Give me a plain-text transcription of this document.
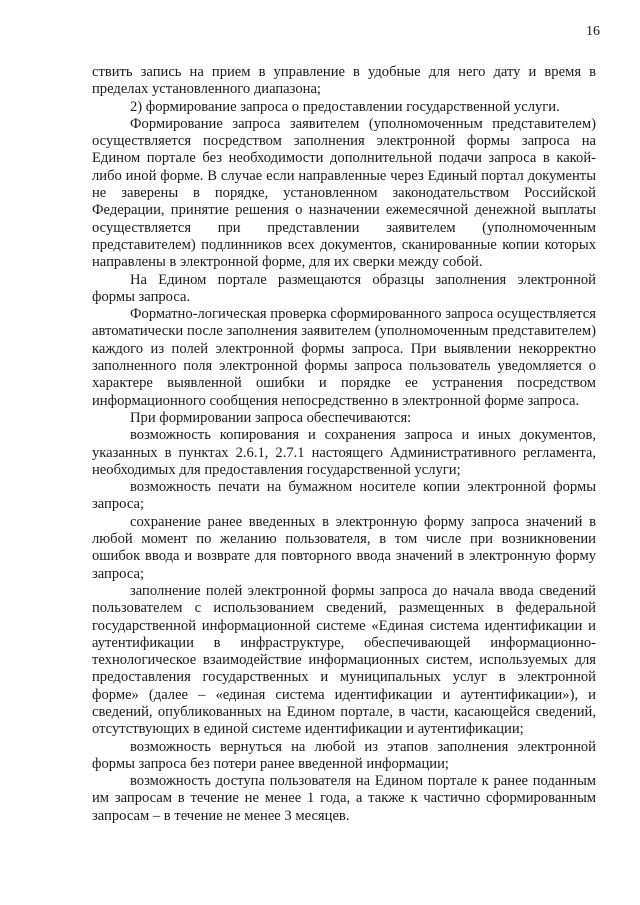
16

ствить запись на прием в управление в удобные для него дату и время в пределах установленного диапазона;

2) формирование запроса о предоставлении государственной услуги.

Формирование запроса заявителем (уполномоченным представителем) осуществляется посредством заполнения электронной формы запроса на Едином портале без необходимости дополнительной подачи запроса в какой-либо иной форме. В случае если направленные через Единый портал документы не заверены в порядке, установленном законодательством Российской Федерации, принятие решения о назначении ежемесячной денежной выплаты осуществляется при представлении заявителем (уполномоченным представителем) подлинников всех документов, сканированные копии которых направлены в электронной форме, для их сверки между собой.

На Едином портале размещаются образцы заполнения электронной формы запроса.

Форматно-логическая проверка сформированного запроса осуществляется автоматически после заполнения заявителем (уполномоченным представителем) каждого из полей электронной формы запроса. При выявлении некорректно заполненного поля электронной формы запроса пользователь уведомляется о характере выявленной ошибки и порядке ее устранения посредством информационного сообщения непосредственно в электронной форме запроса.

При формировании запроса обеспечиваются:

возможность копирования и сохранения запроса и иных документов, указанных в пунктах 2.6.1, 2.7.1 настоящего Административного регламента, необходимых для предоставления государственной услуги;

возможность печати на бумажном носителе копии электронной формы запроса;

сохранение ранее введенных в электронную форму запроса значений в любой момент по желанию пользователя, в том числе при возникновении ошибок ввода и возврате для повторного ввода значений в электронную форму запроса;

заполнение полей электронной формы запроса до начала ввода сведений пользователем с использованием сведений, размещенных в федеральной государственной информационной системе «Единая система идентификации и аутентификации в инфраструктуре, обеспечивающей информационно-технологическое взаимодействие информационных систем, используемых для предоставления государственных и муниципальных услуг в электронной форме» (далее – «единая система идентификации и аутентификации»), и сведений, опубликованных на Едином портале, в части, касающейся сведений, отсутствующих в единой системе идентификации и аутентификации;

возможность вернуться на любой из этапов заполнения электронной формы запроса без потери ранее введенной информации;

возможность доступа пользователя на Едином портале к ранее поданным им запросам в течение не менее 1 года, а также к частично сформированным запросам – в течение не менее 3 месяцев.
